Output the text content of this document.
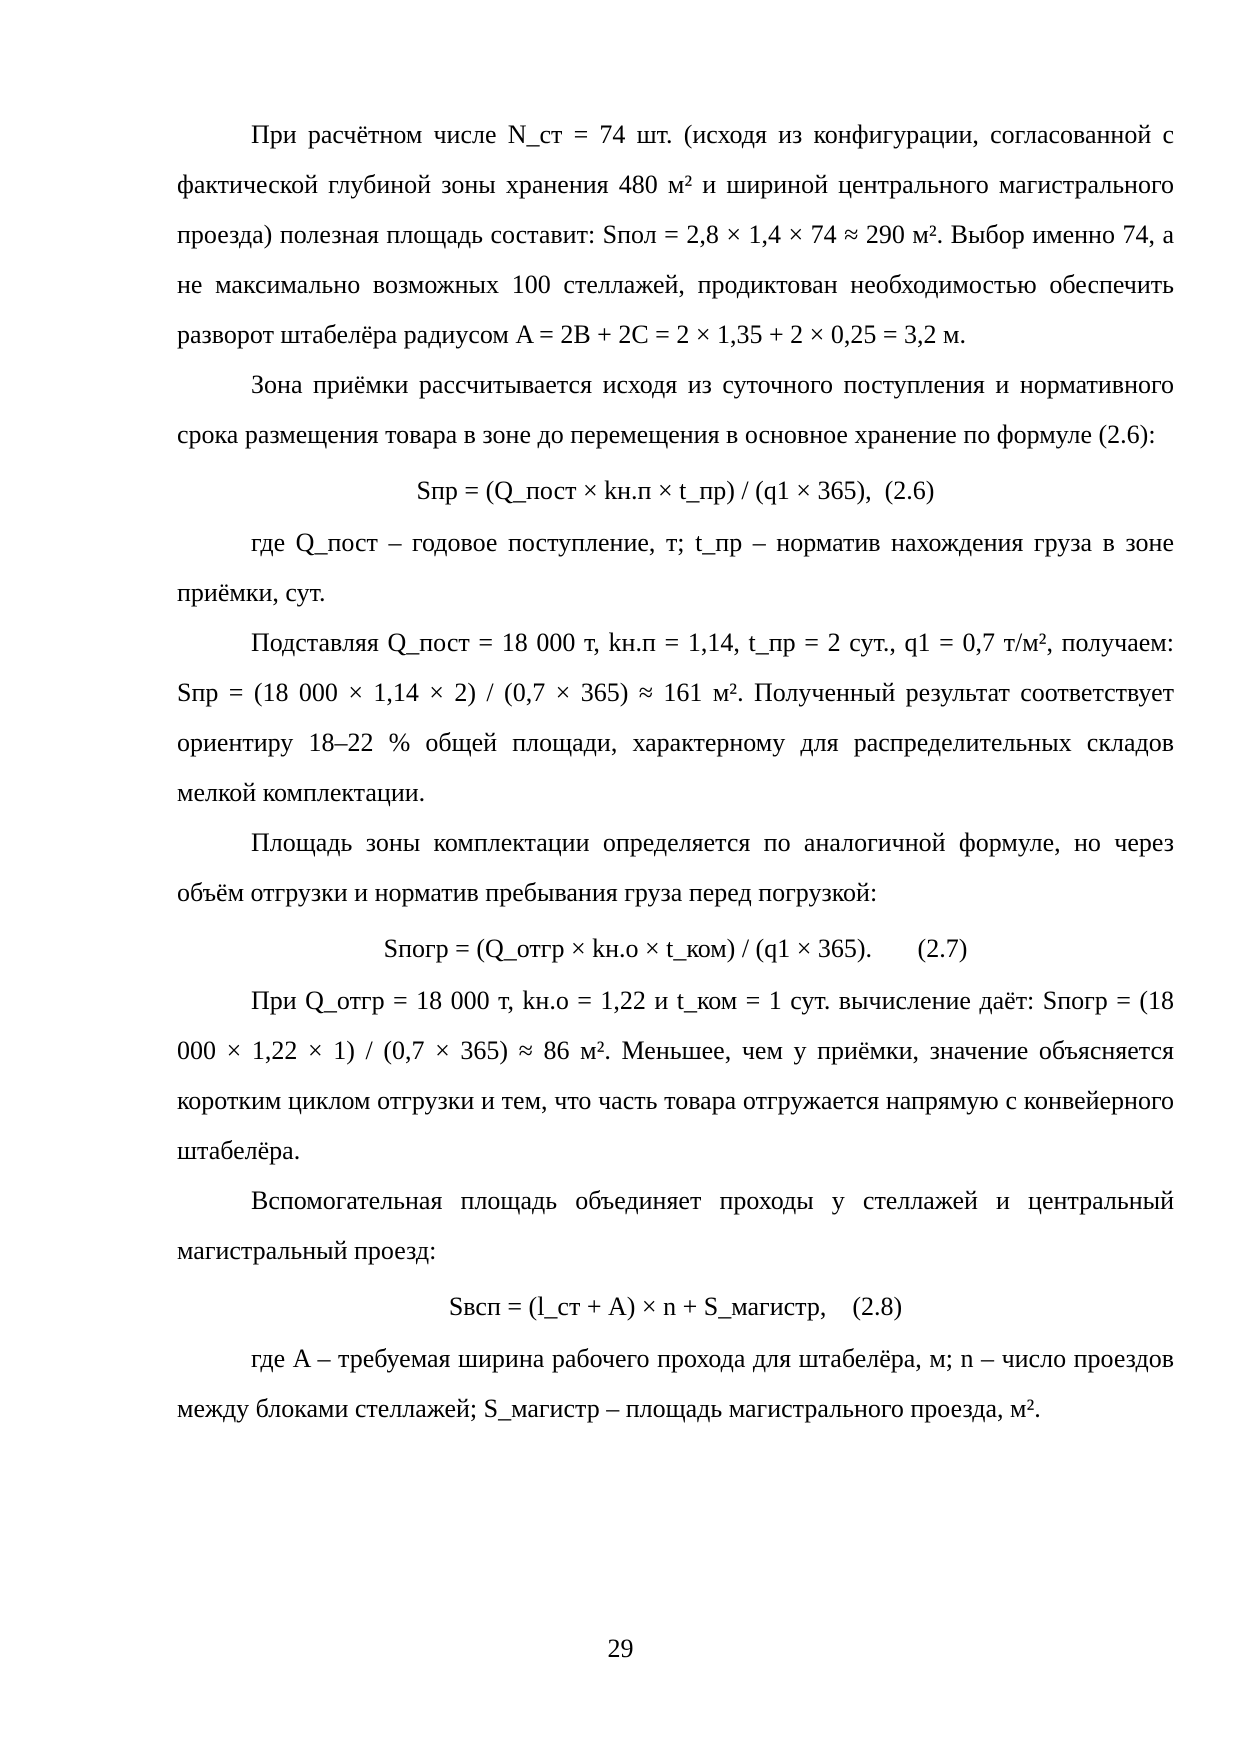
При расчётном числе N_ст = 74 шт. (исходя из конфигурации, согласованной с фактической глубиной зоны хранения 480 м² и шириной центрального магистрального проезда) полезная площадь составит: Sпол = 2,8 × 1,4 × 74 ≈ 290 м². Выбор именно 74, а не максимально возможных 100 стеллажей, продиктован необходимостью обеспечить разворот штабелёра радиусом A = 2B + 2C = 2 × 1,35 + 2 × 0,25 = 3,2 м.

Зона приёмки рассчитывается исходя из суточного поступления и нормативного срока размещения товара в зоне до перемещения в основное хранение по формуле (2.6):

Sпр = (Q_пост × kн.п × t_пр) / (q1 × 365), (2.6)

где Q_пост – годовое поступление, т; t_пр – норматив нахождения груза в зоне приёмки, сут.

Подставляя Q_пост = 18 000 т, kн.п = 1,14, t_пр = 2 сут., q1 = 0,7 т/м², получаем: Sпр = (18 000 × 1,14 × 2) / (0,7 × 365) ≈ 161 м². Полученный результат соответствует ориентиру 18–22 % общей площади, характерному для распределительных складов мелкой комплектации.

Площадь зоны комплектации определяется по аналогичной формуле, но через объём отгрузки и норматив пребывания груза перед погрузкой:

Sпогр = (Q_отгр × kн.о × t_ком) / (q1 × 365). (2.7)

При Q_отгр = 18 000 т, kн.о = 1,22 и t_ком = 1 сут. вычисление даёт: Sпогр = (18 000 × 1,22 × 1) / (0,7 × 365) ≈ 86 м². Меньшее, чем у приёмки, значение объясняется коротким циклом отгрузки и тем, что часть товара отгружается напрямую с конвейерного штабелёра.

Вспомогательная площадь объединяет проходы у стеллажей и центральный магистральный проезд:

Sвсп = (l_ст + A) × n + S_магистр, (2.8)

где A – требуемая ширина рабочего прохода для штабелёра, м; n – число проездов между блоками стеллажей; S_магистр – площадь магистрального проезда, м².

29
